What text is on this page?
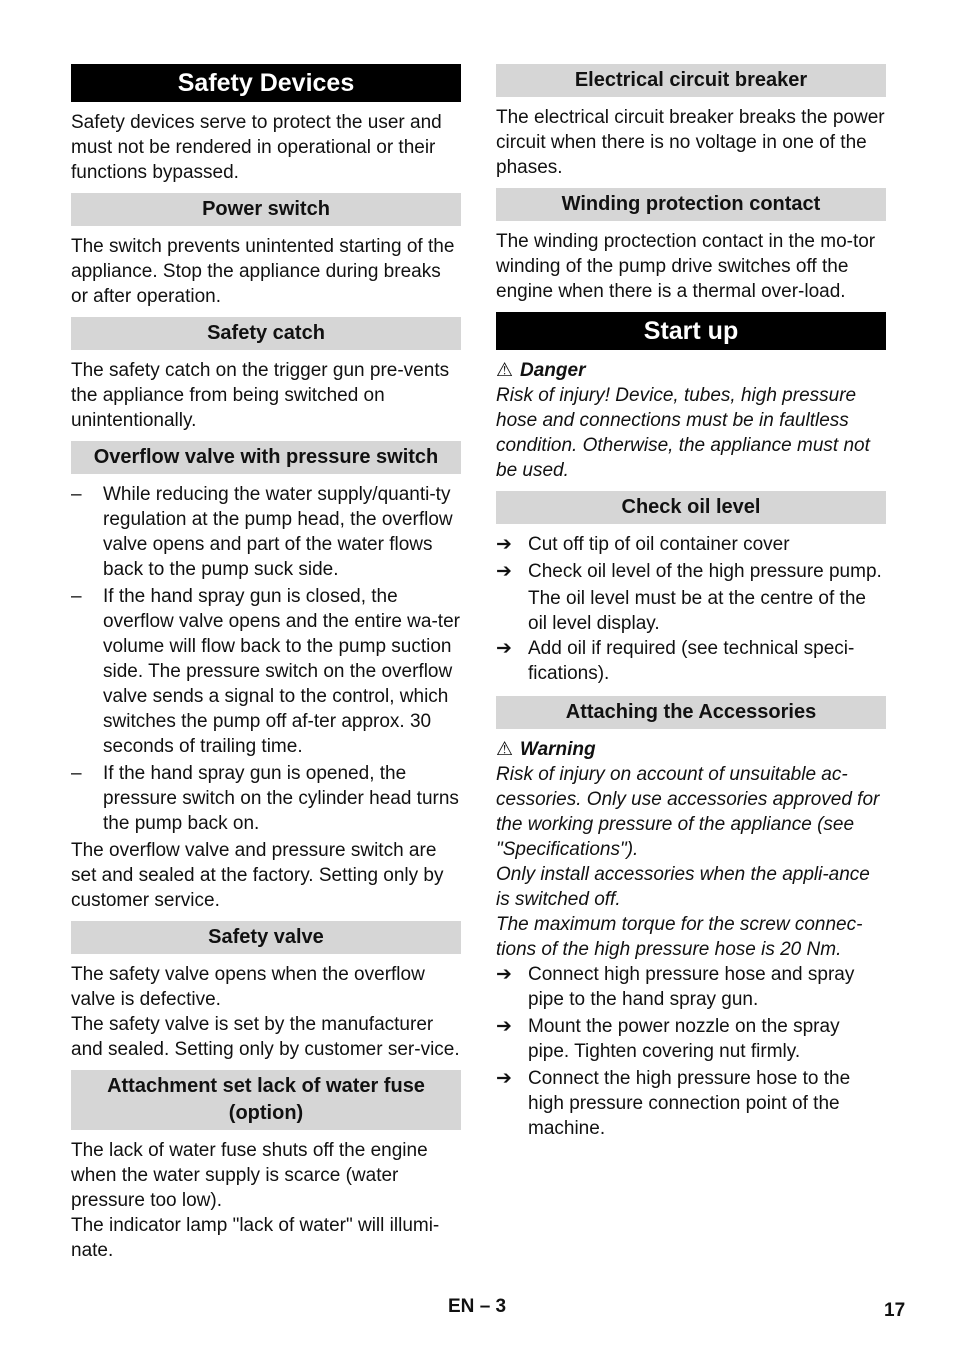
Safety Devices

Safety devices serve to protect the user and must not be rendered in operational or their functions bypassed.

Power switch

The switch prevents unintented starting of the appliance. Stop the appliance during breaks or after operation.

Safety catch

The safety catch on the trigger gun pre-vents the appliance from being switched on unintentionally.

Overflow valve with pressure switch
– While reducing the water supply/quanti-ty regulation at the pump head, the overflow valve opens and part of the water flows back to the pump suck side.
– If the hand spray gun is closed, the overflow valve opens and the entire wa-ter volume will flow back to the pump suction side. The pressure switch on the overflow valve sends a signal to the control, which switches the pump off af-ter approx. 30 seconds of trailing time.
– If the hand spray gun is opened, the pressure switch on the cylinder head turns the pump back on.

The overflow valve and pressure switch are set and sealed at the factory. Setting only by customer service.

Safety valve

The safety valve opens when the overflow valve is defective.

The safety valve is set by the manufacturer and sealed. Setting only by customer ser-vice.

Attachment set lack of water fuse (option)

The lack of water fuse shuts off the engine when the water supply is scarce (water pressure too low).

The indicator lamp "lack of water" will illumi-nate.

Electrical circuit breaker

The electrical circuit breaker breaks the power circuit when there is no voltage in one of the phases.

Winding protection contact

The winding proctection contact in the mo-tor winding of the pump drive switches off the engine when there is a thermal over-load.

Start up

⚠ Danger

Risk of injury! Device, tubes, high pressure hose and connections must be in faultless condition. Otherwise, the appliance must not be used.

Check oil level
➔ Cut off tip of oil container cover
➔ Check oil level of the high pressure pump.

The oil level must be at the centre of the oil level display.

➔ Add oil if required (see technical speci-fications).
Attaching the Accessories

⚠ Warning

Risk of injury on account of unsuitable ac-cessories. Only use accessories approved for the working pressure of the appliance (see "Specifications").

Only install accessories when the appli-ance is switched off.

The maximum torque for the screw connec-tions of the high pressure hose is 20 Nm.

➔ Connect high pressure hose and spray pipe to the hand spray gun.
➔ Mount the power nozzle on the spray pipe. Tighten covering nut firmly.
➔ Connect the high pressure hose to the high pressure connection point of the machine.
EN – 3	17
